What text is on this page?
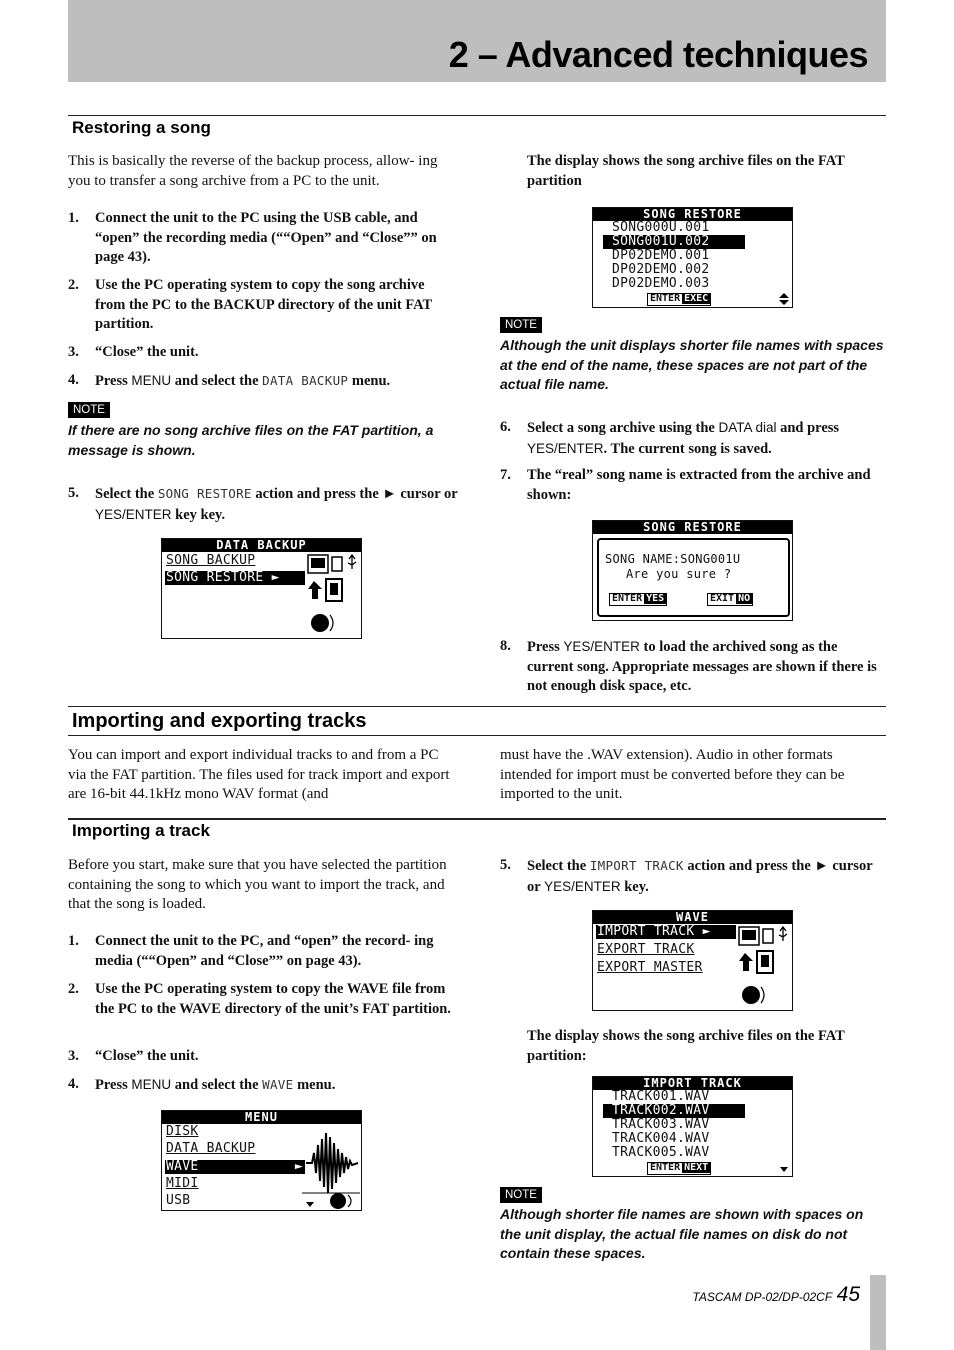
2 – Advanced techniques
Restoring a song
This is basically the reverse of the backup process, allow- ing you to transfer a song archive from a PC to the unit.
1. Connect the unit to the PC using the USB cable, and “open” the recording media (““Open” and “Close”” on page 43).
2. Use the PC operating system to copy the song archive from the PC to the BACKUP directory of the unit FAT partition.
3. “Close” the unit.
4. Press MENU and select the DATA BACKUP menu.
NOTE
If there are no song archive files on the FAT partition, a message is shown.
5. Select the SONG RESTORE action and press the ► cursor or YES/ENTER key key.
DATA BACKUP
SONG BACKUP
SONG RESTORE ►
The display shows the song archive files on the FAT partition
SONG RESTORE
SONG000U.001
SONG001U.002
DP02DEMO.001
DP02DEMO.002
DP02DEMO.003
ENTER EXEC
NOTE
Although the unit displays shorter file names with spaces at the end of the name, these spaces are not part of the actual file name.
6. Select a song archive using the DATA dial and press YES/ENTER. The current song is saved.
7. The “real” song name is extracted from the archive and shown:
SONG RESTORE
SONG NAME:SONG001U
Are you sure ?
ENTER YES	EXIT NO
8. Press YES/ENTER to load the archived song as the current song. Appropriate messages are shown if there is not enough disk space, etc.
Importing and exporting tracks
You can import and export individual tracks to and from a PC via the FAT partition. The files used for track import and export are 16-bit 44.1kHz mono WAV format (and
must have the .WAV extension). Audio in other formats intended for import must be converted before they can be imported to the unit.
Importing a track
Before you start, make sure that you have selected the partition containing the song to which you want to import the track, and that the song is loaded.
1. Connect the unit to the PC, and “open” the record- ing media (““Open” and “Close”” on page 43).
2. Use the PC operating system to copy the WAVE file from the PC to the WAVE directory of the unit’s FAT partition.
3. “Close” the unit.
4. Press MENU and select the WAVE menu.
MENU
DISK
DATA BACKUP
WAVE	►
MIDI
USB
5. Select the IMPORT TRACK action and press the ► cursor or YES/ENTER key.
WAVE
IMPORT TRACK ►
EXPORT TRACK
EXPORT MASTER
The display shows the song archive files on the FAT partition:
IMPORT TRACK
TRACK001.WAV
TRACK002.WAV
TRACK003.WAV
TRACK004.WAV
TRACK005.WAV
ENTER NEXT
NOTE
Although shorter file names are shown with spaces on the unit display, the actual file names on disk do not contain these spaces.
TASCAM DP-02/DP-02CF 45
